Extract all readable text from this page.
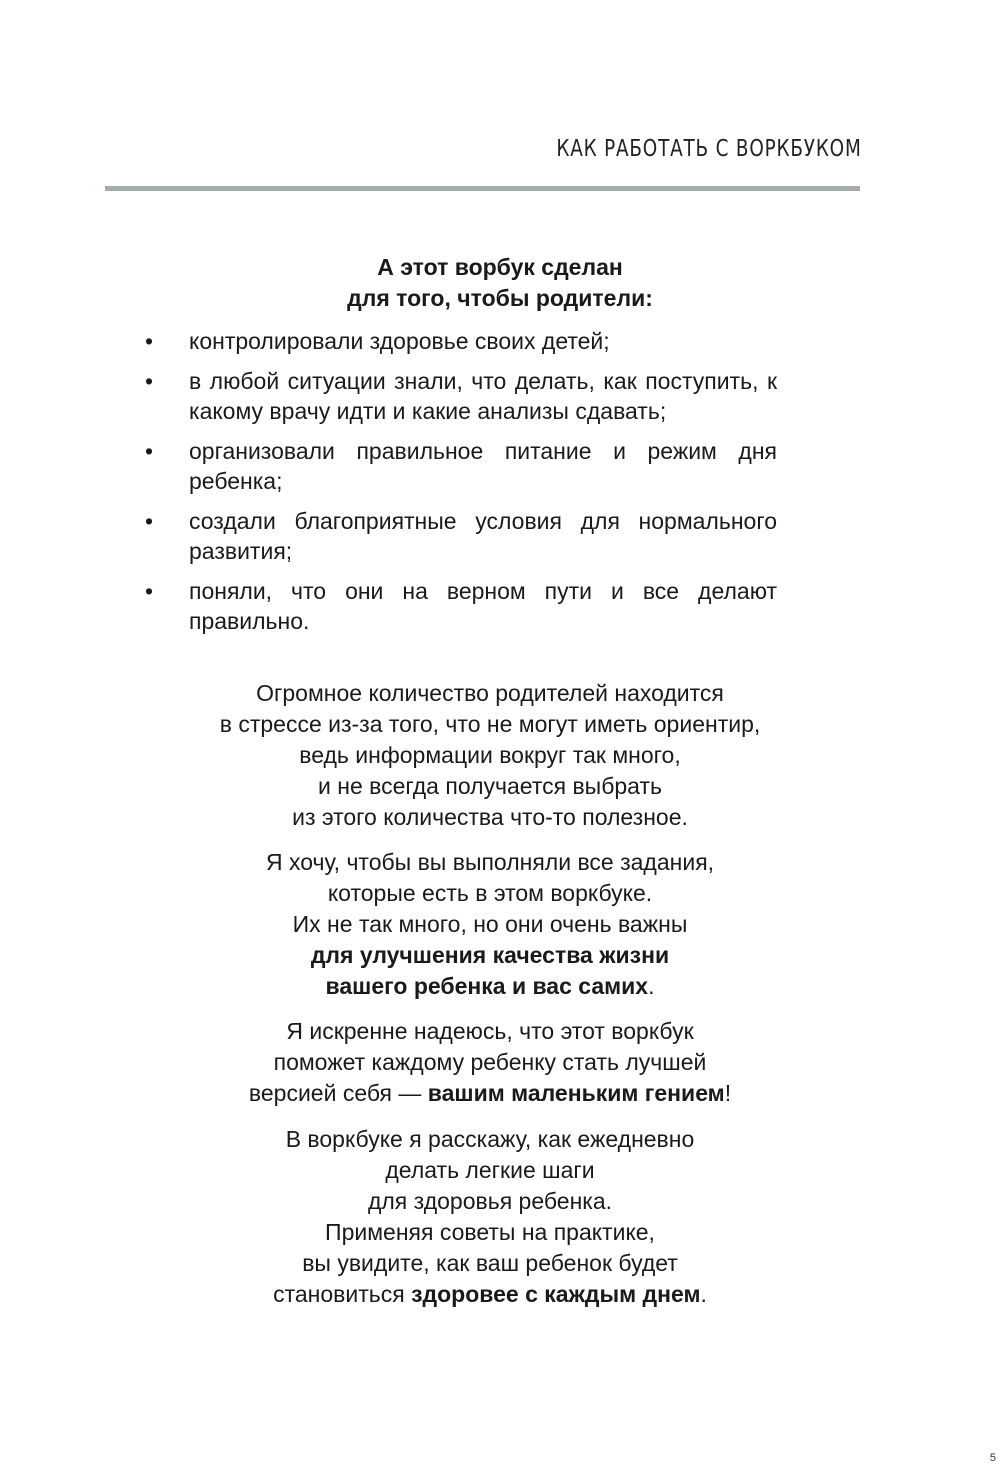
КАК РАБОТАТЬ С ВОРКБУКОМ
А этот ворбук сделан
для того, чтобы родители:
• контролировали здоровье своих детей;
• в любой ситуации знали, что делать, как поступить, к какому врачу идти и какие анализы сдавать;
• организовали правильное питание и режим дня ребенка;
• создали благоприятные условия для нормального развития;
• поняли, что они на верном пути и все делают правильно.
Огромное количество родителей находится
в стрессе из-за того, что не могут иметь ориентир,
ведь информации вокруг так много,
и не всегда получается выбрать
из этого количества что-то полезное.
Я хочу, чтобы вы выполняли все задания,
которые есть в этом воркбуке.
Их не так много, но они очень важны
для улучшения качества жизни
вашего ребенка и вас самих.
Я искренне надеюсь, что этот воркбук
поможет каждому ребенку стать лучшей
версией себя — вашим маленьким гением!
В воркбуке я расскажу, как ежедневно
делать легкие шаги
для здоровья ребенка.
Применяя советы на практике,
вы увидите, как ваш ребенок будет
становиться здоровее с каждым днем.
5
